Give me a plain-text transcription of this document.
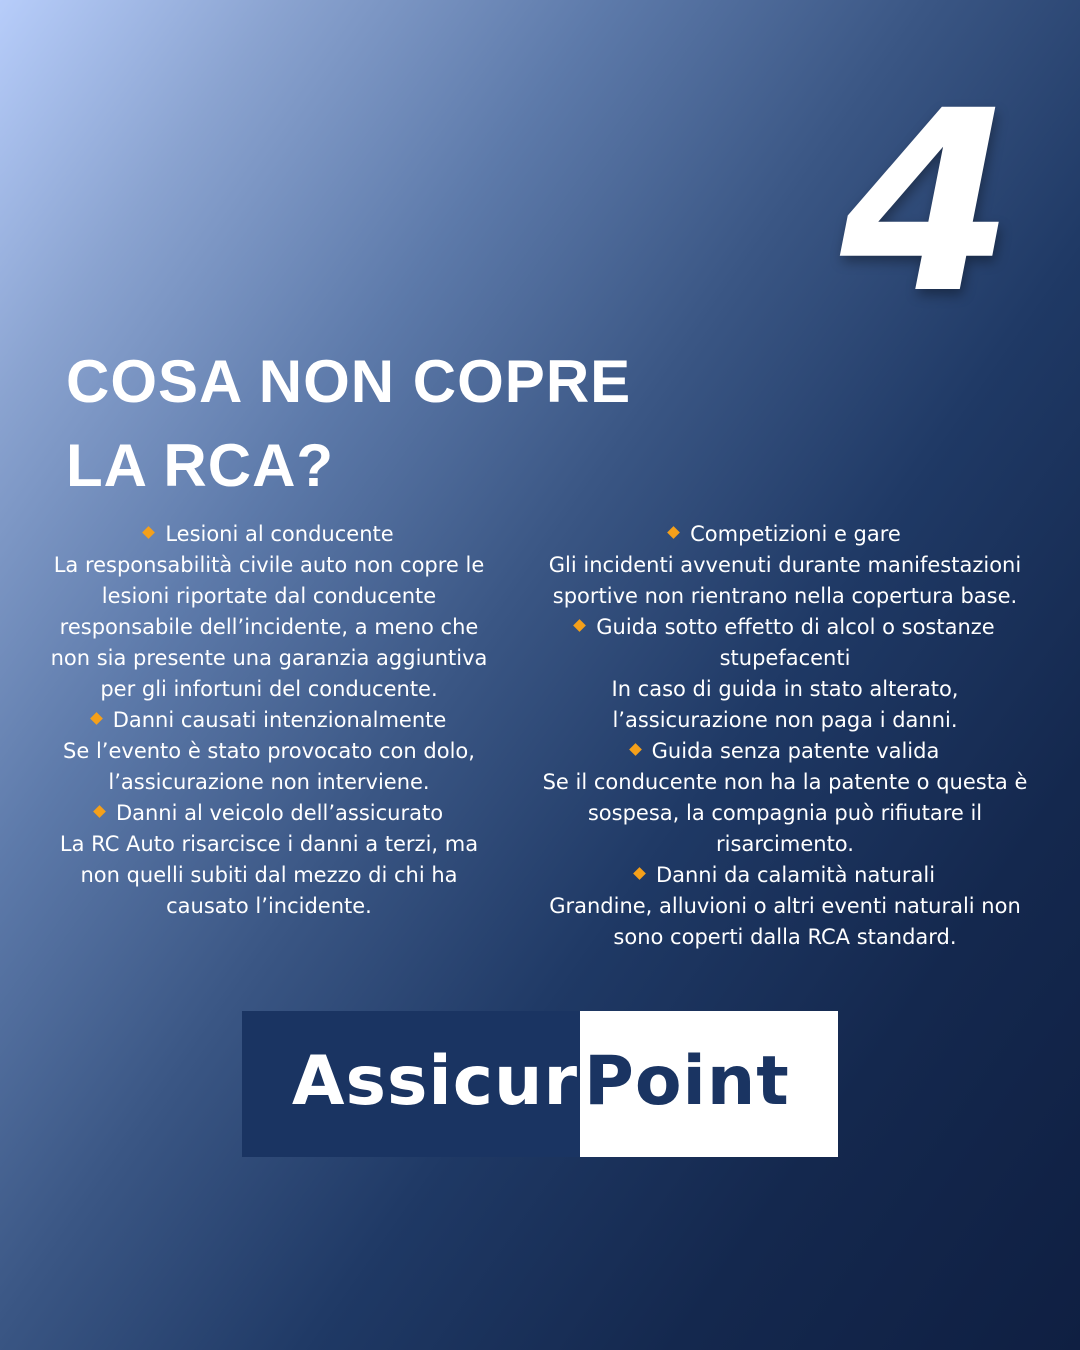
4
COSA NON COPRE
LA RCA?
Lesioni al conducente
La responsabilità civile auto non copre le lesioni riportate dal conducente responsabile dell’incidente, a meno che non sia presente una garanzia aggiuntiva per gli infortuni del conducente.
Danni causati intenzionalmente
Se l’evento è stato provocato con dolo, l’assicurazione non interviene.
Danni al veicolo dell’assicurato
La RC Auto risarcisce i danni a terzi, ma non quelli subiti dal mezzo di chi ha causato l’incidente.
Competizioni e gare
Gli incidenti avvenuti durante manifestazioni sportive non rientrano nella copertura base.
Guida sotto effetto di alcol o sostanze stupefacenti
In caso di guida in stato alterato, l’assicurazione non paga i danni.
Guida senza patente valida
Se il conducente non ha la patente o questa è sospesa, la compagnia può rifiutare il risarcimento.
Danni da calamità naturali
Grandine, alluvioni o altri eventi naturali non sono coperti dalla RCA standard.
Assicur Point
